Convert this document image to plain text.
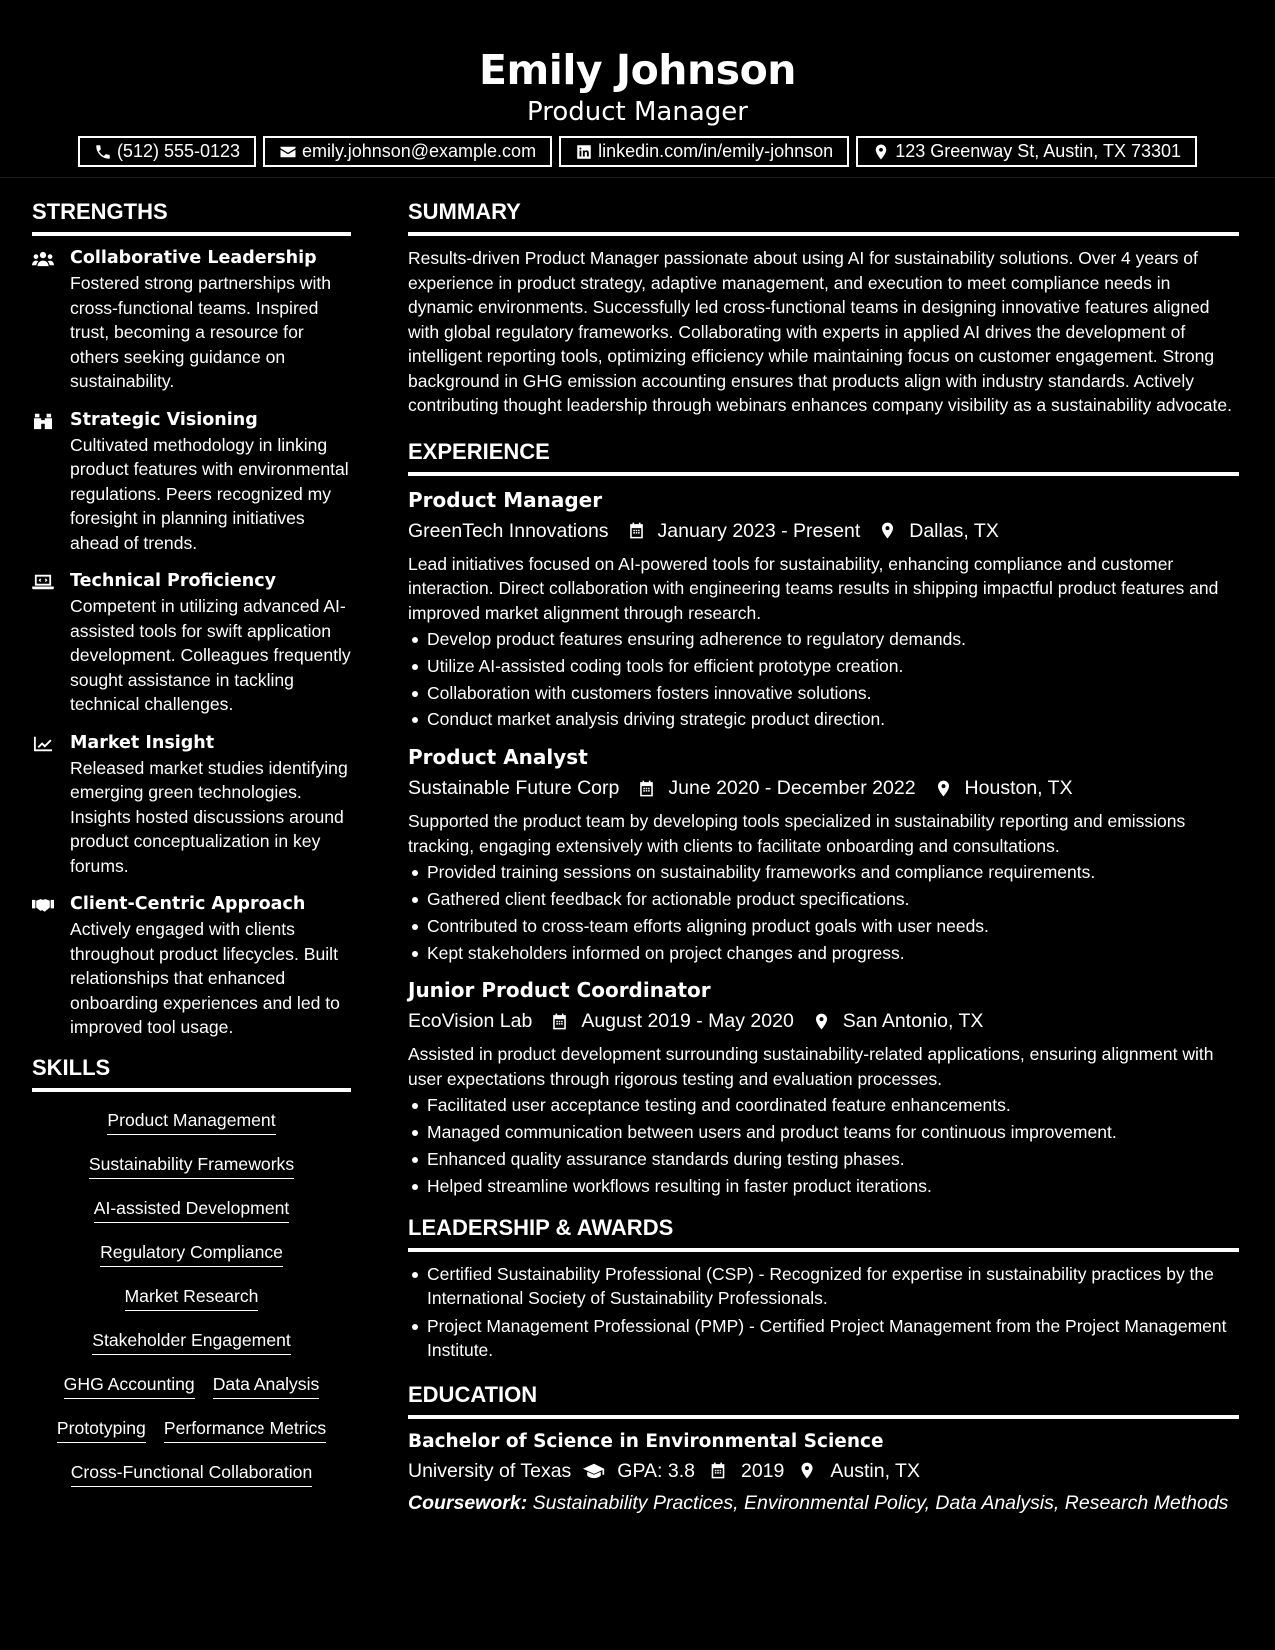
Emily Johnson
Product Manager
(512) 555-0123	emily.johnson@example.com	linkedin.com/in/emily-johnson	123 Greenway St, Austin, TX 73301
STRENGTHS
Collaborative Leadership
Fostered strong partnerships with cross-functional teams. Inspired trust, becoming a resource for others seeking guidance on sustainability.
Strategic Visioning
Cultivated methodology in linking product features with environmental regulations. Peers recognized my foresight in planning initiatives ahead of trends.
Technical Proficiency
Competent in utilizing advanced AI-assisted tools for swift application development. Colleagues frequently sought assistance in tackling technical challenges.
Market Insight
Released market studies identifying emerging green technologies. Insights hosted discussions around product conceptualization in key forums.
Client-Centric Approach
Actively engaged with clients throughout product lifecycles. Built relationships that enhanced onboarding experiences and led to improved tool usage.
SKILLS
Product Management
Sustainability Frameworks
AI-assisted Development
Regulatory Compliance
Market Research
Stakeholder Engagement
GHG Accounting Data Analysis
Prototyping Performance Metrics
Cross-Functional Collaboration
SUMMARY
Results-driven Product Manager passionate about using AI for sustainability solutions. Over 4 years of experience in product strategy, adaptive management, and execution to meet compliance needs in dynamic environments. Successfully led cross-functional teams in designing innovative features aligned with global regulatory frameworks. Collaborating with experts in applied AI drives the development of intelligent reporting tools, optimizing efficiency while maintaining focus on customer engagement. Strong background in GHG emission accounting ensures that products align with industry standards. Actively contributing thought leadership through webinars enhances company visibility as a sustainability advocate.
EXPERIENCE
Product Manager
GreenTech Innovations	January 2023 - Present	Dallas, TX
Lead initiatives focused on AI-powered tools for sustainability, enhancing compliance and customer interaction. Direct collaboration with engineering teams results in shipping impactful product features and improved market alignment through research.
Develop product features ensuring adherence to regulatory demands.
Utilize AI-assisted coding tools for efficient prototype creation.
Collaboration with customers fosters innovative solutions.
Conduct market analysis driving strategic product direction.
Product Analyst
Sustainable Future Corp	June 2020 - December 2022	Houston, TX
Supported the product team by developing tools specialized in sustainability reporting and emissions tracking, engaging extensively with clients to facilitate onboarding and consultations.
Provided training sessions on sustainability frameworks and compliance requirements.
Gathered client feedback for actionable product specifications.
Contributed to cross-team efforts aligning product goals with user needs.
Kept stakeholders informed on project changes and progress.
Junior Product Coordinator
EcoVision Lab	August 2019 - May 2020	San Antonio, TX
Assisted in product development surrounding sustainability-related applications, ensuring alignment with user expectations through rigorous testing and evaluation processes.
Facilitated user acceptance testing and coordinated feature enhancements.
Managed communication between users and product teams for continuous improvement.
Enhanced quality assurance standards during testing phases.
Helped streamline workflows resulting in faster product iterations.
LEADERSHIP & AWARDS
Certified Sustainability Professional (CSP) - Recognized for expertise in sustainability practices by the International Society of Sustainability Professionals.
Project Management Professional (PMP) - Certified Project Management from the Project Management Institute.
EDUCATION
Bachelor of Science in Environmental Science
University of Texas GPA: 3.8 2019 Austin, TX
Coursework: Sustainability Practices, Environmental Policy, Data Analysis, Research Methods
